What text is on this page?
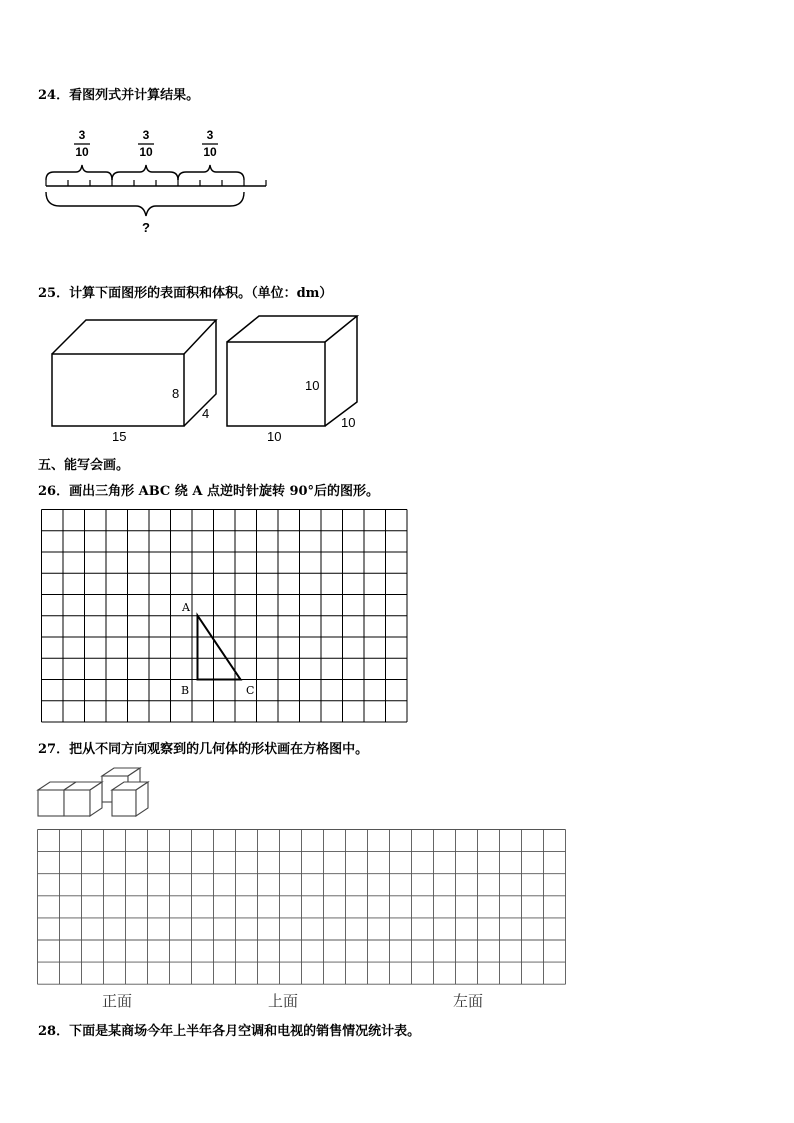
24．看图列式并计算结果。
3
10
3
10
3
10
?
25．计算下面图形的表面积和体积。（单位：dm）
8
4
15
10
10
10
五、能写会画。
26．画出三角形 ABC 绕 A 点逆时针旋转 90°后的图形。
A
B	C
27．把从不同方向观察到的几何体的形状画在方格图中。
正面	上面	左面
28．下面是某商场今年上半年各月空调和电视的销售情况统计表。
